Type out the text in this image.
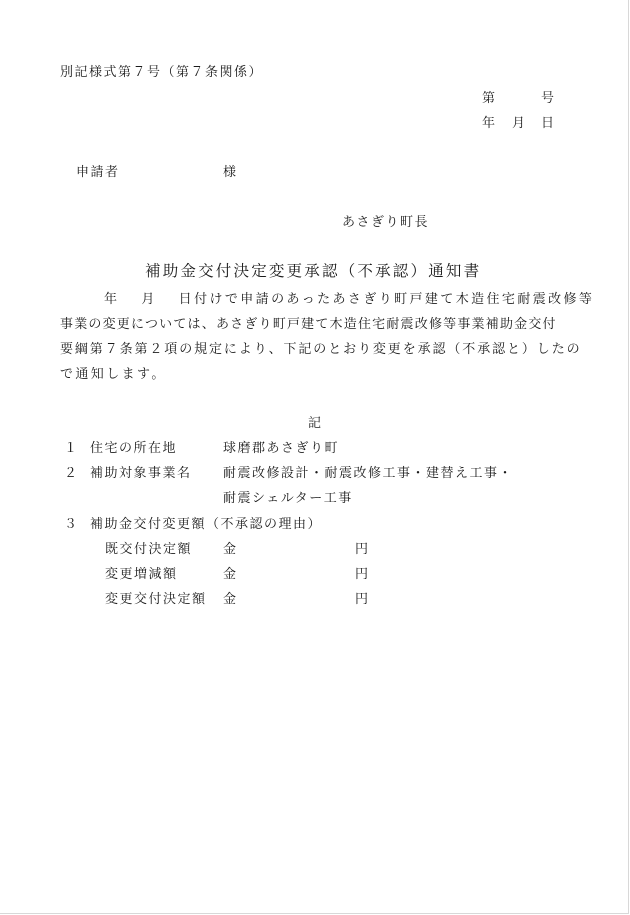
別記様式第７号（第７条関係）
第	号
年 月 日
申請者	様
あさぎり町長
補助金交付決定変更承認（不承認）通知書
年　 月　 日付けで申請のあったあさぎり町戸建て木造住宅耐震改修等
事業の変更については、あさぎり町戸建て木造住宅耐震改修等事業補助金交付
要綱第７条第２項の規定により、下記のとおり変更を承認（不承認と）したの
で通知します。
記
１ 住宅の所在地	球磨郡あさぎり町
２ 補助対象事業名 耐震改修設計・耐震改修工事・建替え工事・
耐震シェルター工事
３ 補助金交付変更額（不承認の理由）
既交付決定額 金	円
変更増減額	金	円
変更交付決定額 金	円
